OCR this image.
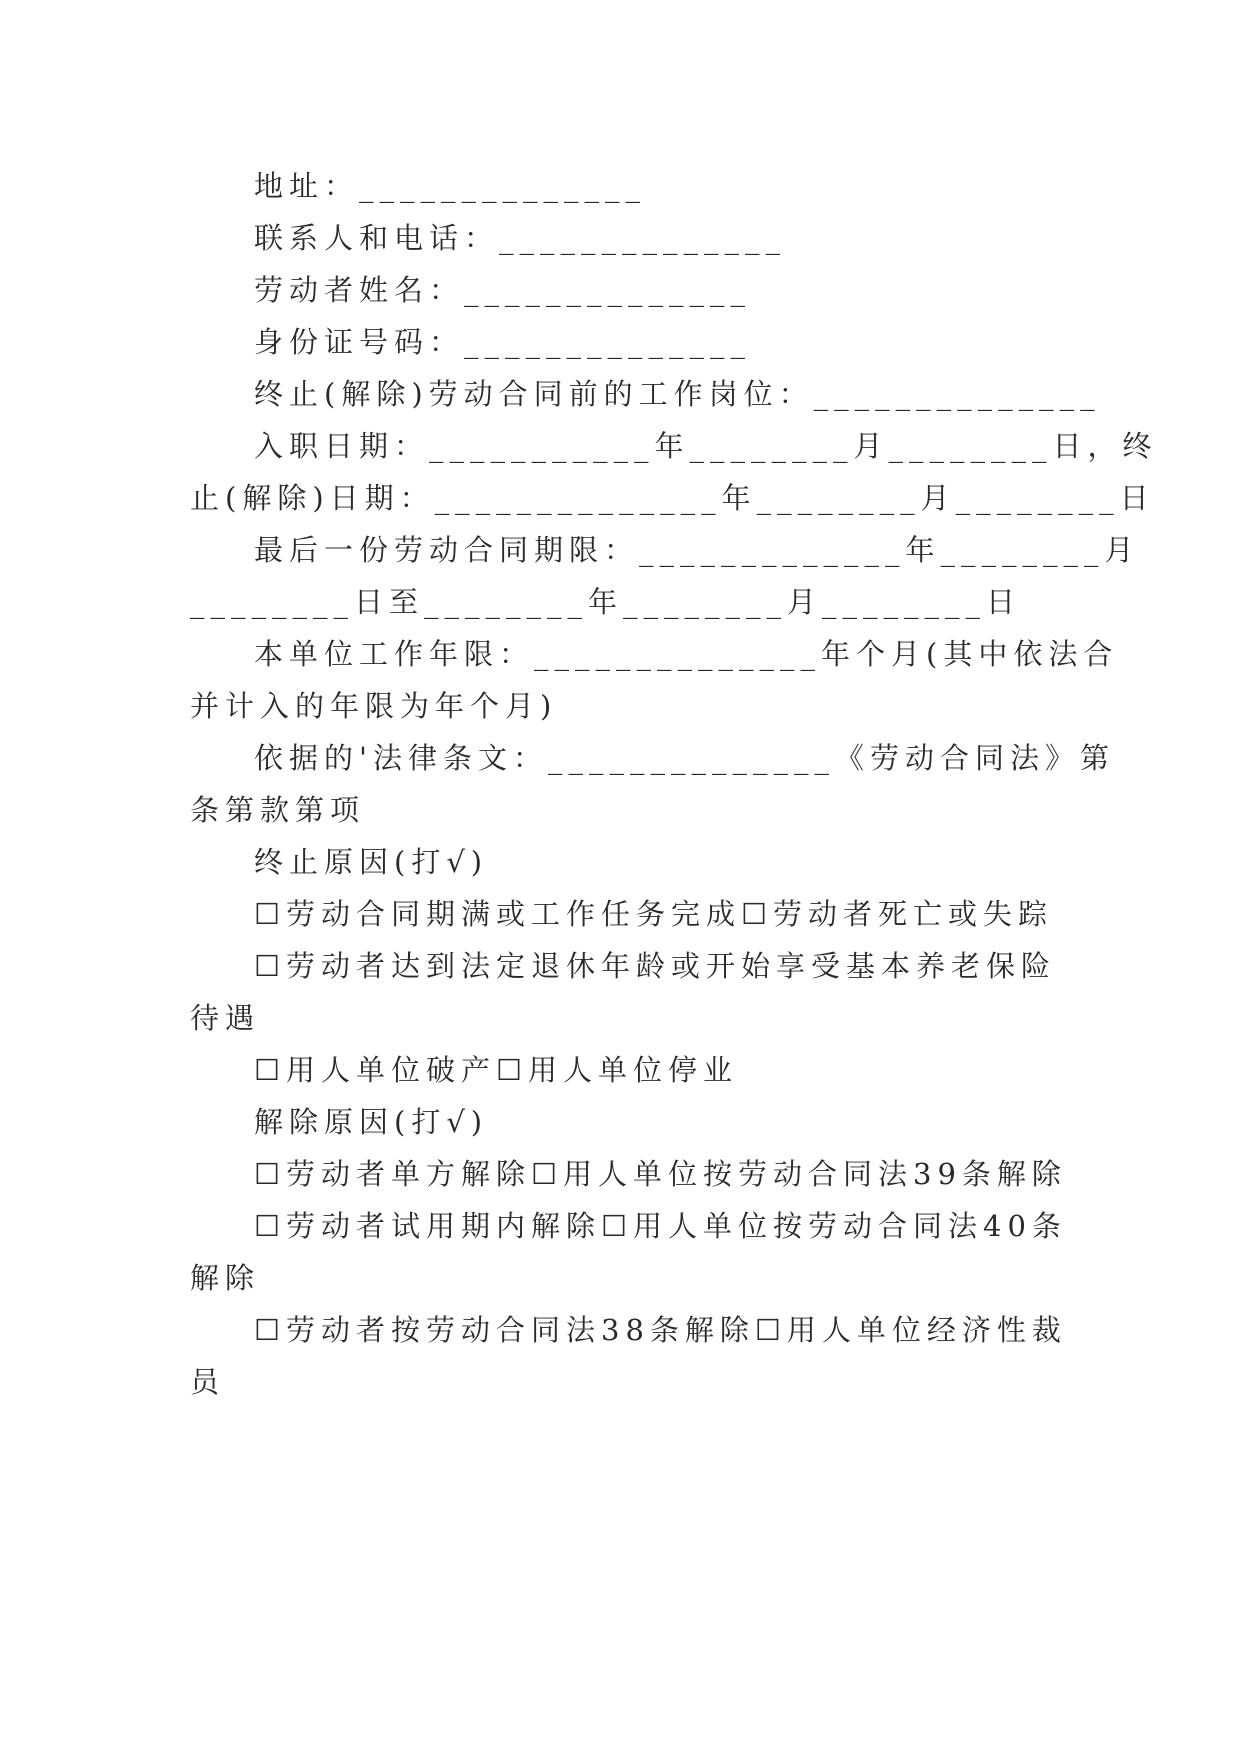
地址：______________
联系人和电话：______________
劳动者姓名：______________
身份证号码：______________
终止(解除)劳动合同前的工作岗位：______________
入职日期：___________年________月________日，终
止(解除)日期：______________年________月________日
最后一份劳动合同期限：_____________年________月
________日至________年________月________日
本单位工作年限：______________年个月(其中依法合
并计入的年限为年个月)
依据的'法律条文：______________《劳动合同法》第
条第款第项
终止原因(打√)
☐劳动合同期满或工作任务完成☐劳动者死亡或失踪
☐劳动者达到法定退休年龄或开始享受基本养老保险
待遇
☐用人单位破产☐用人单位停业
解除原因(打√)
☐劳动者单方解除☐用人单位按劳动合同法39条解除
☐劳动者试用期内解除☐用人单位按劳动合同法40条
解除
☐劳动者按劳动合同法38条解除☐用人单位经济性裁
员
